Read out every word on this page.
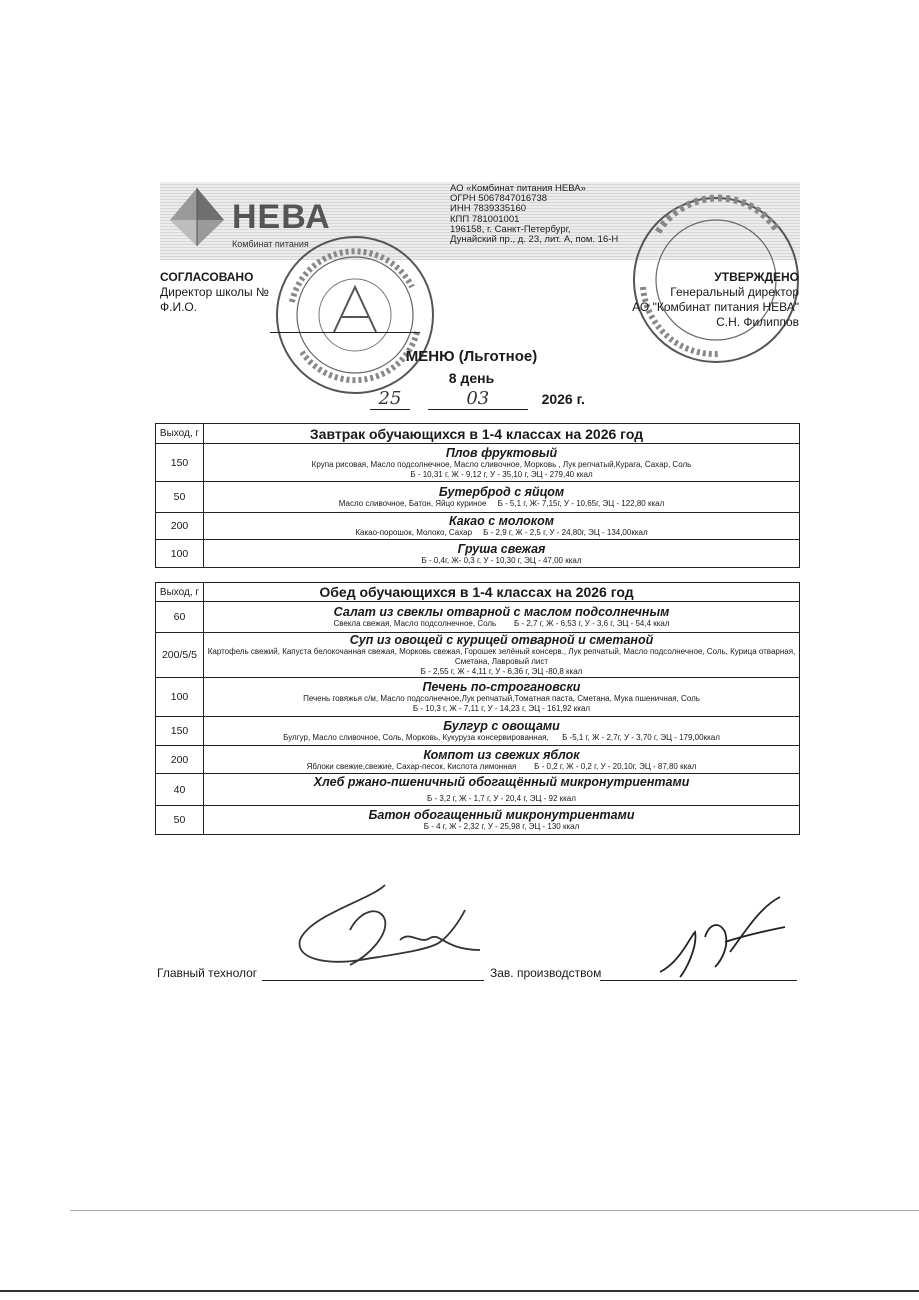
НЕВА
Комбинат питания
АО «Комбинат питания НЕВА»
ОГРН 5067847016738
ИНН 7839335160
КПП 781001001
196158, г. Санкт-Петербург,
Дунайский пр., д. 23, лит. А, пом. 16-Н
СОГЛАСОВАНО
Директор школы №
Ф.И.О.
УТВЕРЖДЕНО
Генеральный директор
АО "Комбинат питания НЕВА"
С.Н. Филиппов
МЕНЮ (Льготное)
8 день
25	03	2026 г.
Выход, г	Завтрак обучающихся в 1-4 классах на 2026 год
150	Плов фруктовый
Крупа рисовая, Масло подсолнечное, Масло сливочное, Морковь , Лук репчатый,Курага, Сахар, Соль
Б - 10,31 г, Ж - 9,12 г, У - 35,10 г, ЭЦ - 279,40 ккал

50	Бутерброд с яйцом
Масло сливочное, Батон, Яйцо куриное Б - 5,1 г, Ж- 7,15г, У - 10,65г, ЭЦ - 122,80 ккал

200	Какао с молоком
Какао-порошок, Молоко, Сахар Б - 2,9 г, Ж - 2,5 г, У - 24,80г, ЭЦ - 134,00ккал

100	Груша свежая
Б - 0,4г, Ж- 0,3 г, У - 10,30 г, ЭЦ - 47,00 ккал
Выход, г	Обед обучающихся в 1-4 классах на 2026 год
60	Салат из свеклы отварной с маслом подсолнечным
Свекла свежая, Масло подсолнечное, Соль Б - 2,7 г, Ж - 6,53 г, У - 3,6 г, ЭЦ - 54,4 ккал

200/5/5	Суп из овощей с курицей отварной и сметаной
Картофель свежий, Капуста белокочанная свежая, Морковь свежая, Горошек зелёный консерв., Лук репчатый, Масло подсолнечное, Соль, Курица отварная, Сметана, Лавровый лист
Б - 2,55 г, Ж - 4,11 г, У - 6,36 г, ЭЦ -80,8 ккал

100	Печень по-строгановски
Печень говяжья с/м, Масло подсолнечное,Лук репчатый,Томатная паста, Сметана, Мука пшеничная, Соль
Б - 10,3 г, Ж - 7,11 г, У - 14,23 г, ЭЦ - 161,92 ккал

150	Булгур с овощами
Булгур, Масло сливочное, Соль, Морковь, Кукуруза консервированная, Б -5,1 г, Ж - 2,7г, У - 3,70 г, ЭЦ - 179,00ккал

200	Компот из свежих яблок
Яблоки свежие,свежие, Сахар-песок, Кислота лимонная Б - 0,2 г, Ж - 0,2 г, У - 20,10г, ЭЦ - 87,80 ккал

40	Хлеб ржано-пшеничный обогащённый микронутриентами
Б - 3,2 г, Ж - 1,7 г, У - 20,4 г, ЭЦ - 92 ккал

50	Батон обогащенный микронутриентами
Б - 4 г, Ж - 2,32 г, У - 25,98 г, ЭЦ - 130 ккал
Главный технолог	Зав. производством
